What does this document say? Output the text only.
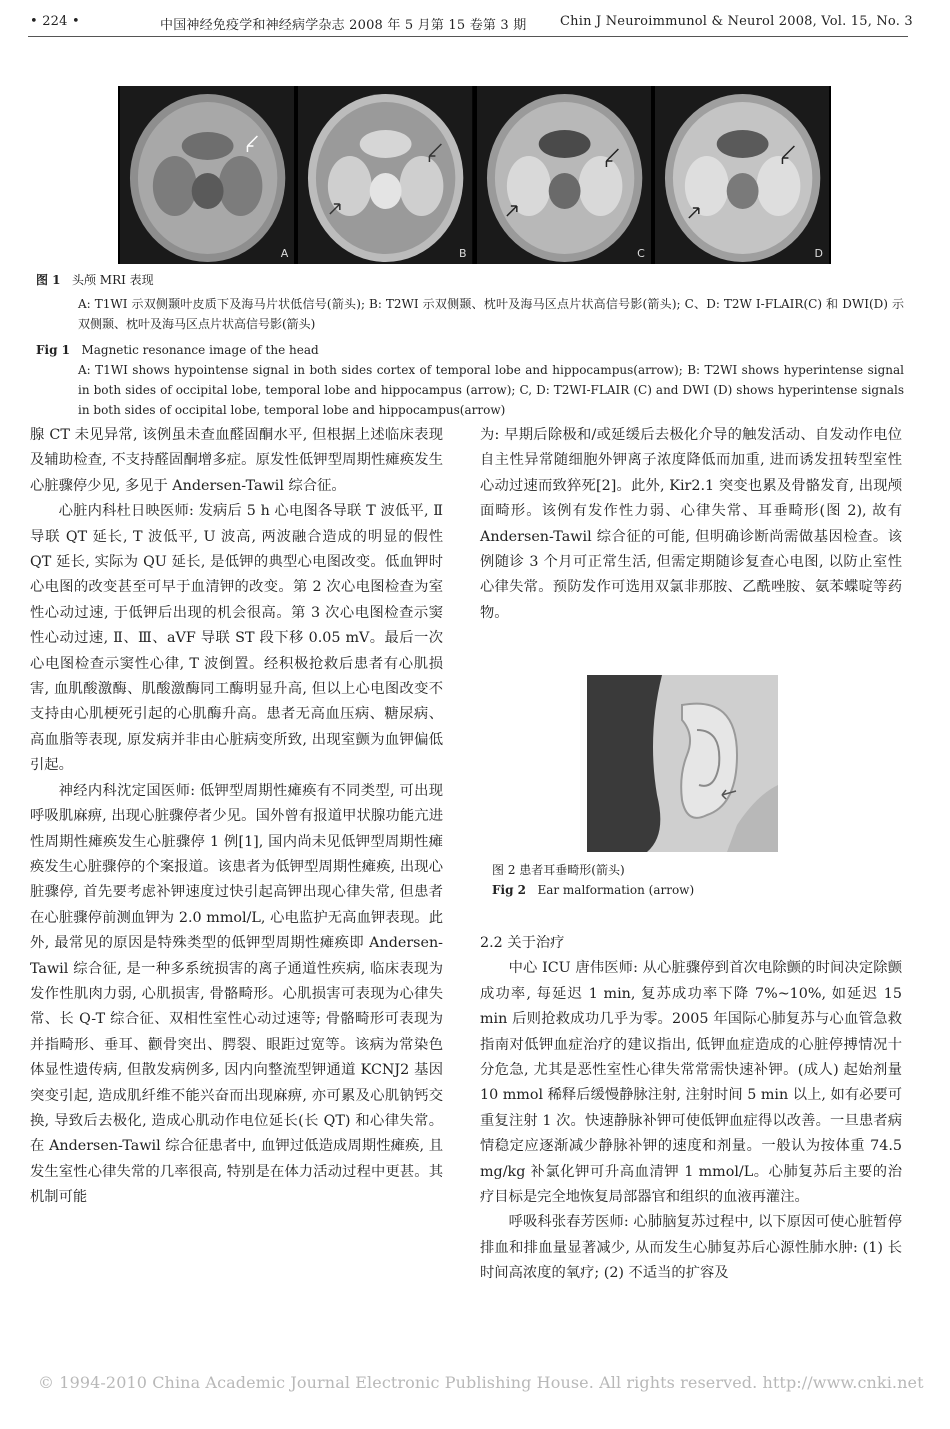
• 224 •	中国神经免疫学和神经病学杂志 2008 年 5 月第 15 卷第 3 期	Chin J Neuroimmunol & Neurol 2008, Vol. 15, No. 3
A	B	C	D
图 1 头颅 MRI 表现
A: T1WI 示双侧颞叶皮质下及海马片状低信号(箭头); B: T2WI 示双侧颞、枕叶及海马区点片状高信号影(箭头); C、D: T2W I-FLAIR(C) 和 DWI(D) 示双侧颞、枕叶及海马区点片状高信号影(箭头)
Fig 1 Magnetic resonance image of the head
A: T1WI shows hypointense signal in both sides cortex of temporal lobe and hippocampus(arrow); B: T2WI shows hyperintense signal in both sides of occipital lobe, temporal lobe and hippocampus (arrow); C, D: T2WI-FLAIR (C) and DWI (D) shows hyperintense signals in both sides of occipital lobe, temporal lobe and hippocampus(arrow)

腺 CT 未见异常, 该例虽未查血醛固酮水平, 但根据上述临床表现及辅助检查, 不支持醛固酮增多症。原发性低钾型周期性瘫痪发生心脏骤停少见, 多见于 Andersen-Tawil 综合征。

心脏内科杜日映医师: 发病后 5 h 心电图各导联 T 波低平, Ⅱ 导联 QT 延长, T 波低平, U 波高, 两波融合造成的明显的假性 QT 延长, 实际为 QU 延长, 是低钾的典型心电图改变。低血钾时心电图的改变甚至可早于血清钾的改变。第 2 次心电图检查为室性心动过速, 于低钾后出现的机会很高。第 3 次心电图检查示窦性心动过速, Ⅱ、Ⅲ、aVF 导联 ST 段下移 0.05 mV。最后一次心电图检查示窦性心律, T 波倒置。经积极抢救后患者有心肌损害, 血肌酸激酶、肌酸激酶同工酶明显升高, 但以上心电图改变不支持由心肌梗死引起的心肌酶升高。患者无高血压病、糖尿病、高血脂等表现, 原发病并非由心脏病变所致, 出现室颤为血钾偏低引起。

神经内科沈定国医师: 低钾型周期性瘫痪有不同类型, 可出现呼吸肌麻痹, 出现心脏骤停者少见。国外曾有报道甲状腺功能亢进性周期性瘫痪发生心脏骤停 1 例[1], 国内尚未见低钾型周期性瘫痪发生心脏骤停的个案报道。该患者为低钾型周期性瘫痪, 出现心脏骤停, 首先要考虑补钾速度过快引起高钾出现心律失常, 但患者在心脏骤停前测血钾为 2.0 mmol/L, 心电监护无高血钾表现。此外, 最常见的原因是特殊类型的低钾型周期性瘫痪即 Andersen-Tawil 综合征, 是一种多系统损害的离子通道性疾病, 临床表现为发作性肌肉力弱, 心肌损害, 骨骼畸形。心肌损害可表现为心律失常、长 Q-T 综合征、双相性室性心动过速等; 骨骼畸形可表现为并指畸形、垂耳、颧骨突出、腭裂、眼距过宽等。该病为常染色体显性遗传病, 但散发病例多, 因内向整流型钾通道 KCNJ2 基因突变引起, 造成肌纤维不能兴奋而出现麻痹, 亦可累及心肌钠钙交换, 导致后去极化, 造成心肌动作电位延长(长 QT) 和心律失常。在 Andersen-Tawil 综合征患者中, 血钾过低造成周期性瘫痪, 且发生室性心律失常的几率很高, 特别是在体力活动过程中更甚。其机制可能

为: 早期后除极和/或延缓后去极化介导的触发活动、自发动作电位自主性异常随细胞外钾离子浓度降低而加重, 进而诱发扭转型室性心动过速而致猝死[2]。此外, Kir2.1 突变也累及骨骼发育, 出现颅面畸形。该例有发作性力弱、心律失常、耳垂畸形(图 2), 故有 Andersen-Tawil 综合征的可能, 但明确诊断尚需做基因检查。该例随诊 3 个月可正常生活, 但需定期随诊复查心电图, 以防止室性心律失常。预防发作可选用双氯非那胺、乙酰唑胺、氨苯蝶啶等药物。

图 2 患者耳垂畸形(箭头)
Fig 2 Ear malformation (arrow)

2.2 关于治疗

中心 ICU 唐伟医师: 从心脏骤停到首次电除颤的时间决定除颤成功率, 每延迟 1 min, 复苏成功率下降 7%~10%, 如延迟 15 min 后则抢救成功几乎为零。2005 年国际心肺复苏与心血管急救指南对低钾血症治疗的建议指出, 低钾血症造成的心脏停搏情况十分危急, 尤其是恶性室性心律失常常需快速补钾。(成人) 起始剂量 10 mmol 稀释后缓慢静脉注射, 注射时间 5 min 以上, 如有必要可重复注射 1 次。快速静脉补钾可使低钾血症得以改善。一旦患者病情稳定应逐渐减少静脉补钾的速度和剂量。一般认为按体重 74.5 mg/kg 补氯化钾可升高血清钾 1 mmol/L。心肺复苏后主要的治疗目标是完全地恢复局部器官和组织的血液再灌注。

呼吸科张春芳医师: 心肺脑复苏过程中, 以下原因可使心脏暂停排血和排血量显著减少, 从而发生心肺复苏后心源性肺水肿: (1) 长时间高浓度的氧疗; (2) 不适当的扩容及

© 1994-2010 China Academic Journal Electronic Publishing House. All rights reserved. http://www.cnki.net
